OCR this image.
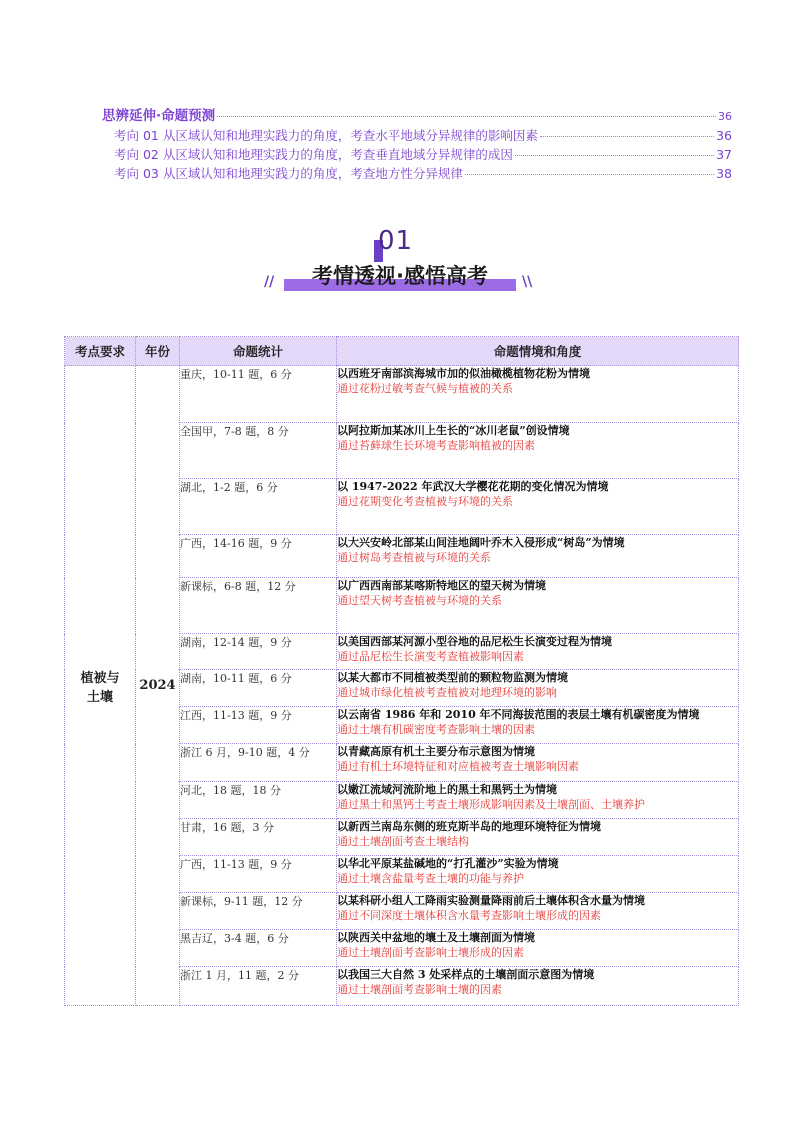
思辨延伸·命题预测	36
考向 01 从区域认知和地理实践力的角度，考查水平地域分异规律的影响因素	36
考向 02 从区域认知和地理实践力的角度，考查垂直地域分异规律的成因	37
考向 03 从区域认知和地理实践力的角度，考查地方性分异规律	38
01
//	考情透视·感悟高考	\\
考点要求	年份	命题统计	命题情境和角度

植被与土壤	2024	重庆，10-11 题，6 分	以西班牙南部滨海城市加的似油橄榄植物花粉为情境
通过花粉过敏考查气候与植被的关系

		全国甲，7-8 题，8 分	以阿拉斯加某冰川上生长的“冰川老鼠”创设情境
通过苔藓球生长环境考查影响植被的因素

		湖北，1-2 题，6 分	以 1947-2022 年武汉大学樱花花期的变化情况为情境
通过花期变化考查植被与环境的关系

		广西，14-16 题，9 分	以大兴安岭北部某山间洼地阔叶乔木入侵形成“树岛”为情境
通过树岛考查植被与环境的关系

		新课标，6-8 题，12 分	以广西西南部某喀斯特地区的望天树为情境
通过望天树考查植被与环境的关系

		湖南，12-14 题，9 分	以美国西部某河源小型谷地的品尼松生长演变过程为情境
通过品尼松生长演变考查植被影响因素

		湖南，10-11 题，6 分	以某大都市不同植被类型前的颗粒物监测为情境
通过城市绿化植被考查植被对地理环境的影响

		江西，11-13 题，9 分	以云南省 1986 年和 2010 年不同海拔范围的表层土壤有机碳密度为情境
通过土壤有机碳密度考查影响土壤的因素

		浙江 6 月，9-10 题，4 分	以青藏高原有机土主要分布示意图为情境
通过有机土环境特征和对应植被考查土壤影响因素

		河北，18 题，18 分	以嫩江流域河流阶地上的黑土和黑钙土为情境
通过黑土和黑钙土考查土壤形成影响因素及土壤剖面、土壤养护

		甘肃，16 题，3 分	以新西兰南岛东侧的班克斯半岛的地理环境特征为情境
通过土壤剖面考查土壤结构

		广西，11-13 题，9 分	以华北平原某盐碱地的“打孔灌沙”实验为情境
通过土壤含盐量考查土壤的功能与养护

		新课标，9-11 题，12 分	以某科研小组人工降雨实验测量降雨前后土壤体积含水量为情境
通过不同深度土壤体积含水量考查影响土壤形成的因素

		黑吉辽，3-4 题，6 分	以陕西关中盆地的壤土及土壤剖面为情境
通过土壤剖面考查影响土壤形成的因素

		浙江 1 月，11 题，2 分	以我国三大自然 3 处采样点的土壤剖面示意图为情境
通过土壤剖面考查影响土壤的因素
